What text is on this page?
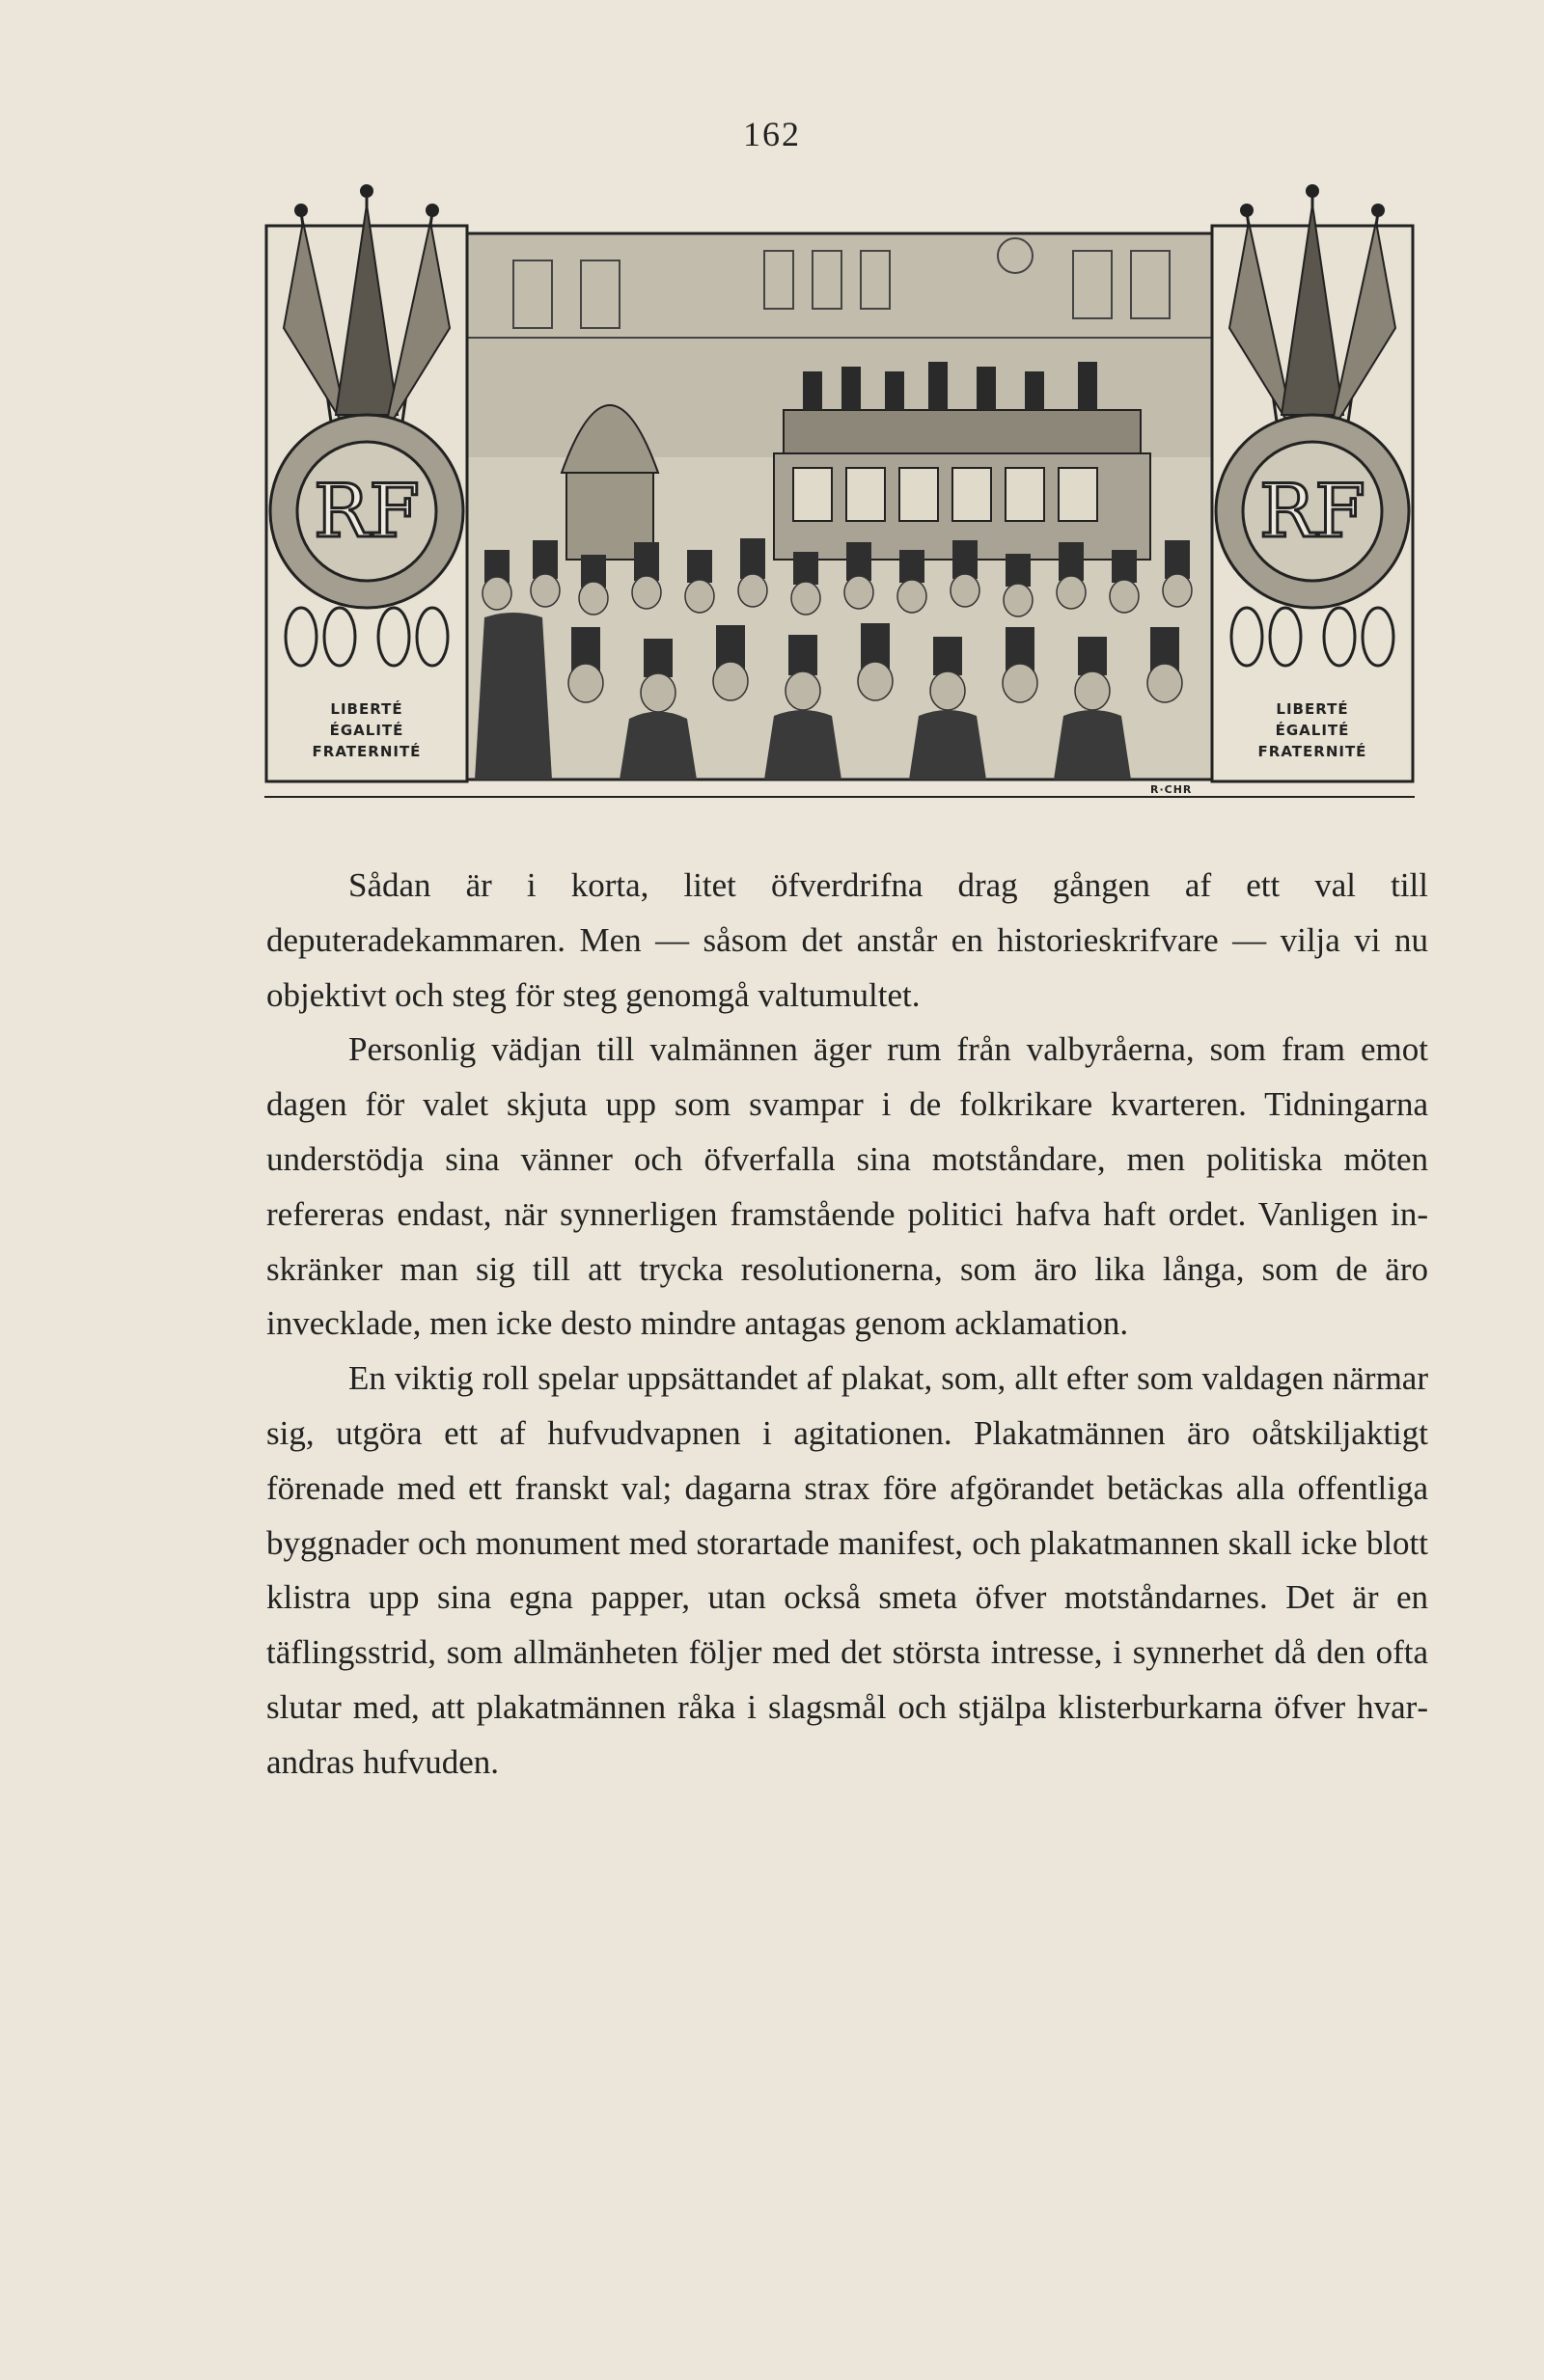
162
R·CHR
RF
LIBERTÉ
ÉGALITÉ
FRATERNITÉ
RF
LIBERTÉ
ÉGALITÉ
FRATERNITÉ

Sådan är i korta, litet öfverdrifna drag gången af ett val till deputeradekammaren. Men — såsom det anstår en historieskrifvare — vilja vi nu objektivt och steg för steg genomgå valtumultet.

Personlig vädjan till valmännen äger rum från valbyråerna, som fram emot dagen för valet skjuta upp som svampar i de folkrikare kvarteren. Tidningarna understödja sina vänner och öfverfalla sina motståndare, men politiska möten refereras endast, när synnerligen framstående politici hafva haft ordet. Vanligen inskränker man sig till att trycka resolutionerna, som äro lika långa, som de äro invecklade, men icke desto mindre antagas genom acklamation.

En viktig roll spelar uppsättandet af plakat, som, allt efter som valdagen närmar sig, utgöra ett af hufvudvapnen i agitationen. Plakatmännen äro oåtskiljaktigt förenade med ett franskt val; dagarna strax före afgörandet betäckas alla offentliga byggnader och monument med storartade manifest, och plakatmannen skall icke blott klistra upp sina egna papper, utan också smeta öfver motståndarnes. Det är en täflingsstrid, som allmänheten följer med det största intresse, i synnerhet då den ofta slutar med, att plakatmännen råka i slagsmål och stjälpa klisterburkarna öfver hvarandras hufvuden.
